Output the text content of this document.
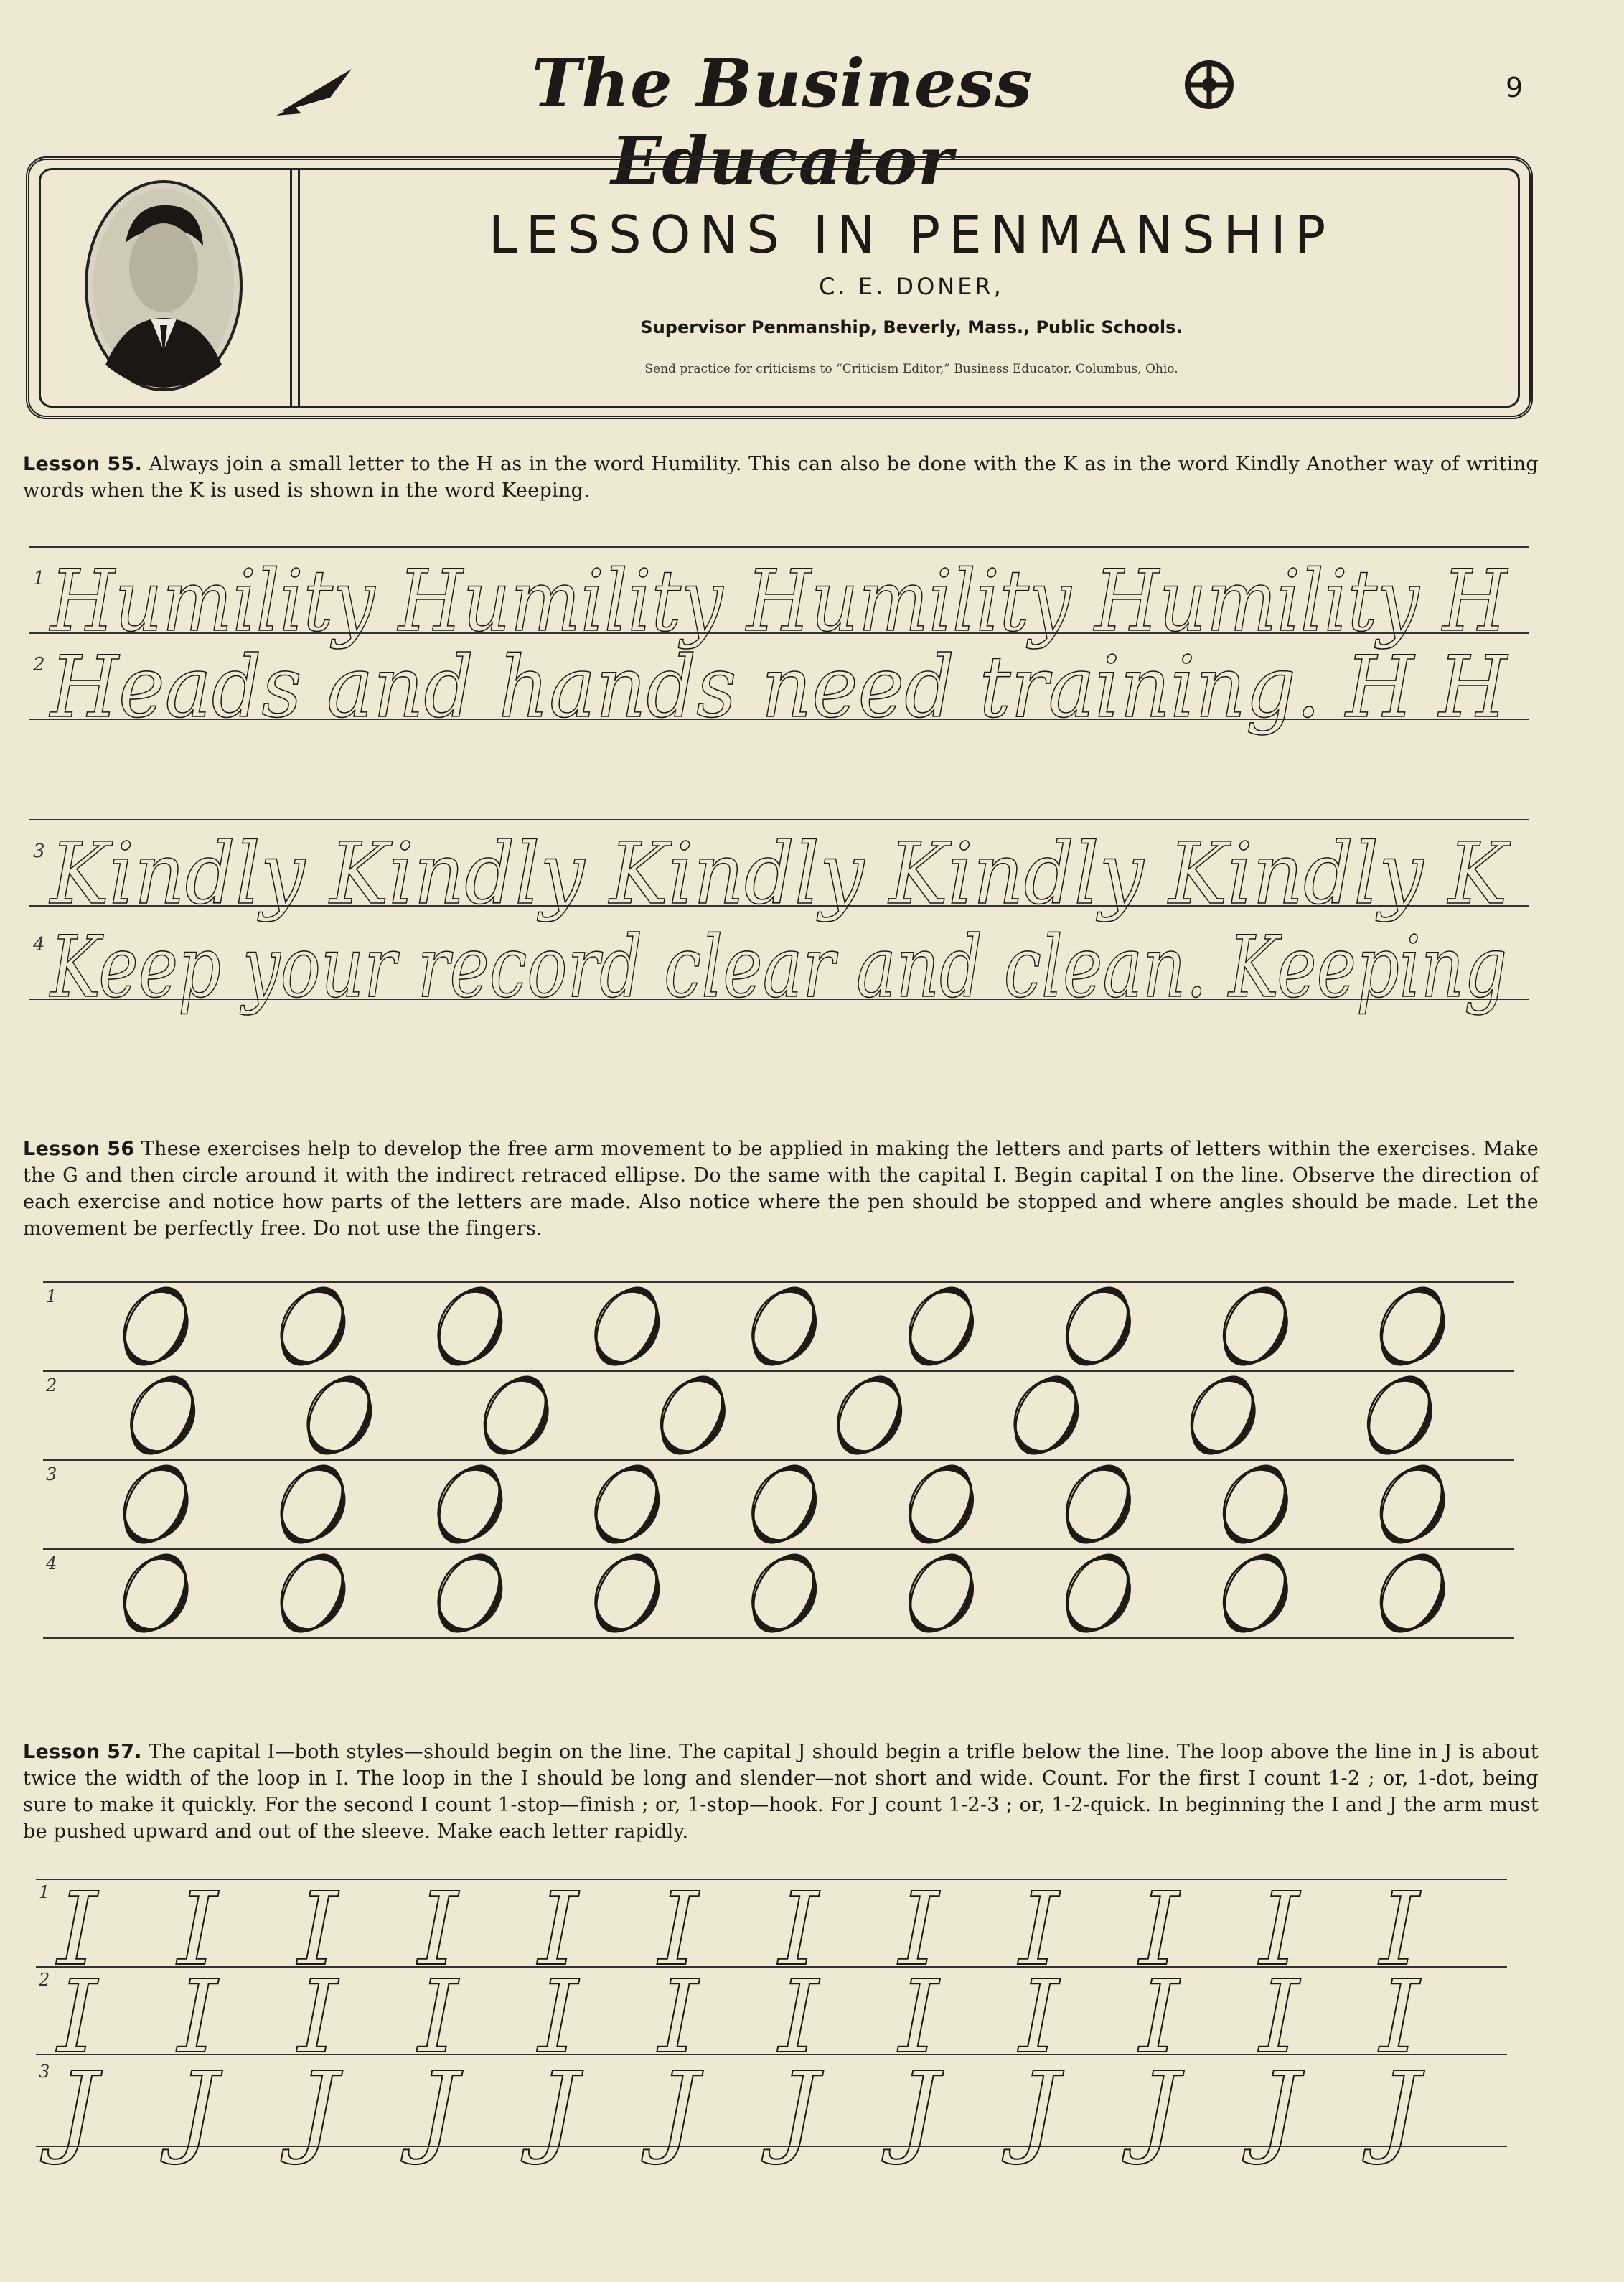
The Business Educator
9
LESSONS IN PENMANSHIP
C. E. DONER,
Supervisor Penmanship, Beverly, Mass., Public Schools.
Send practice for criticisms to “Criticism Editor,” Business Educator, Columbus, Ohio.
Lesson 55. Always join a small letter to the H as in the word Humility. This can also be done with the K as in the word Kindly Another way of writing words when the K is used is shown in the word Keeping.
1 Humility Humility Humility Humility H
2 Heads and hands need training. H H
3 Kindly Kindly Kindly Kindly Kindly K
4 Keep your record clear and clean. Keeping
Lesson 56 These exercises help to develop the free arm movement to be applied in making the letters and parts of letters within the exercises. Make the G and then circle around it with the indirect retraced ellipse. Do the same with the capital I. Begin capital I on the line. Observe the direction of each exercise and notice how parts of the letters are made. Also notice where the pen should be stopped and where angles should be made. Let the movement be perfectly free. Do not use the fingers.
1
2
3
4
Lesson 57. The capital I—both styles—should begin on the line. The capital J should begin a trifle below the line. The loop above the line in J is about twice the width of the loop in I. The loop in the I should be long and slender—not short and wide. Count. For the first I count 1-2 ; or, 1-dot, being sure to make it quickly. For the second I count 1-stop—finish ; or, 1-stop—hook. For J count 1-2-3 ; or, 1-2-quick. In beginning the I and J the arm must be pushed upward and out of the sleeve. Make each letter rapidly.
1 I I I I I I I I I I I I
2 I I I I I I I I I I I I
3 J J J J J J J J J J J J
